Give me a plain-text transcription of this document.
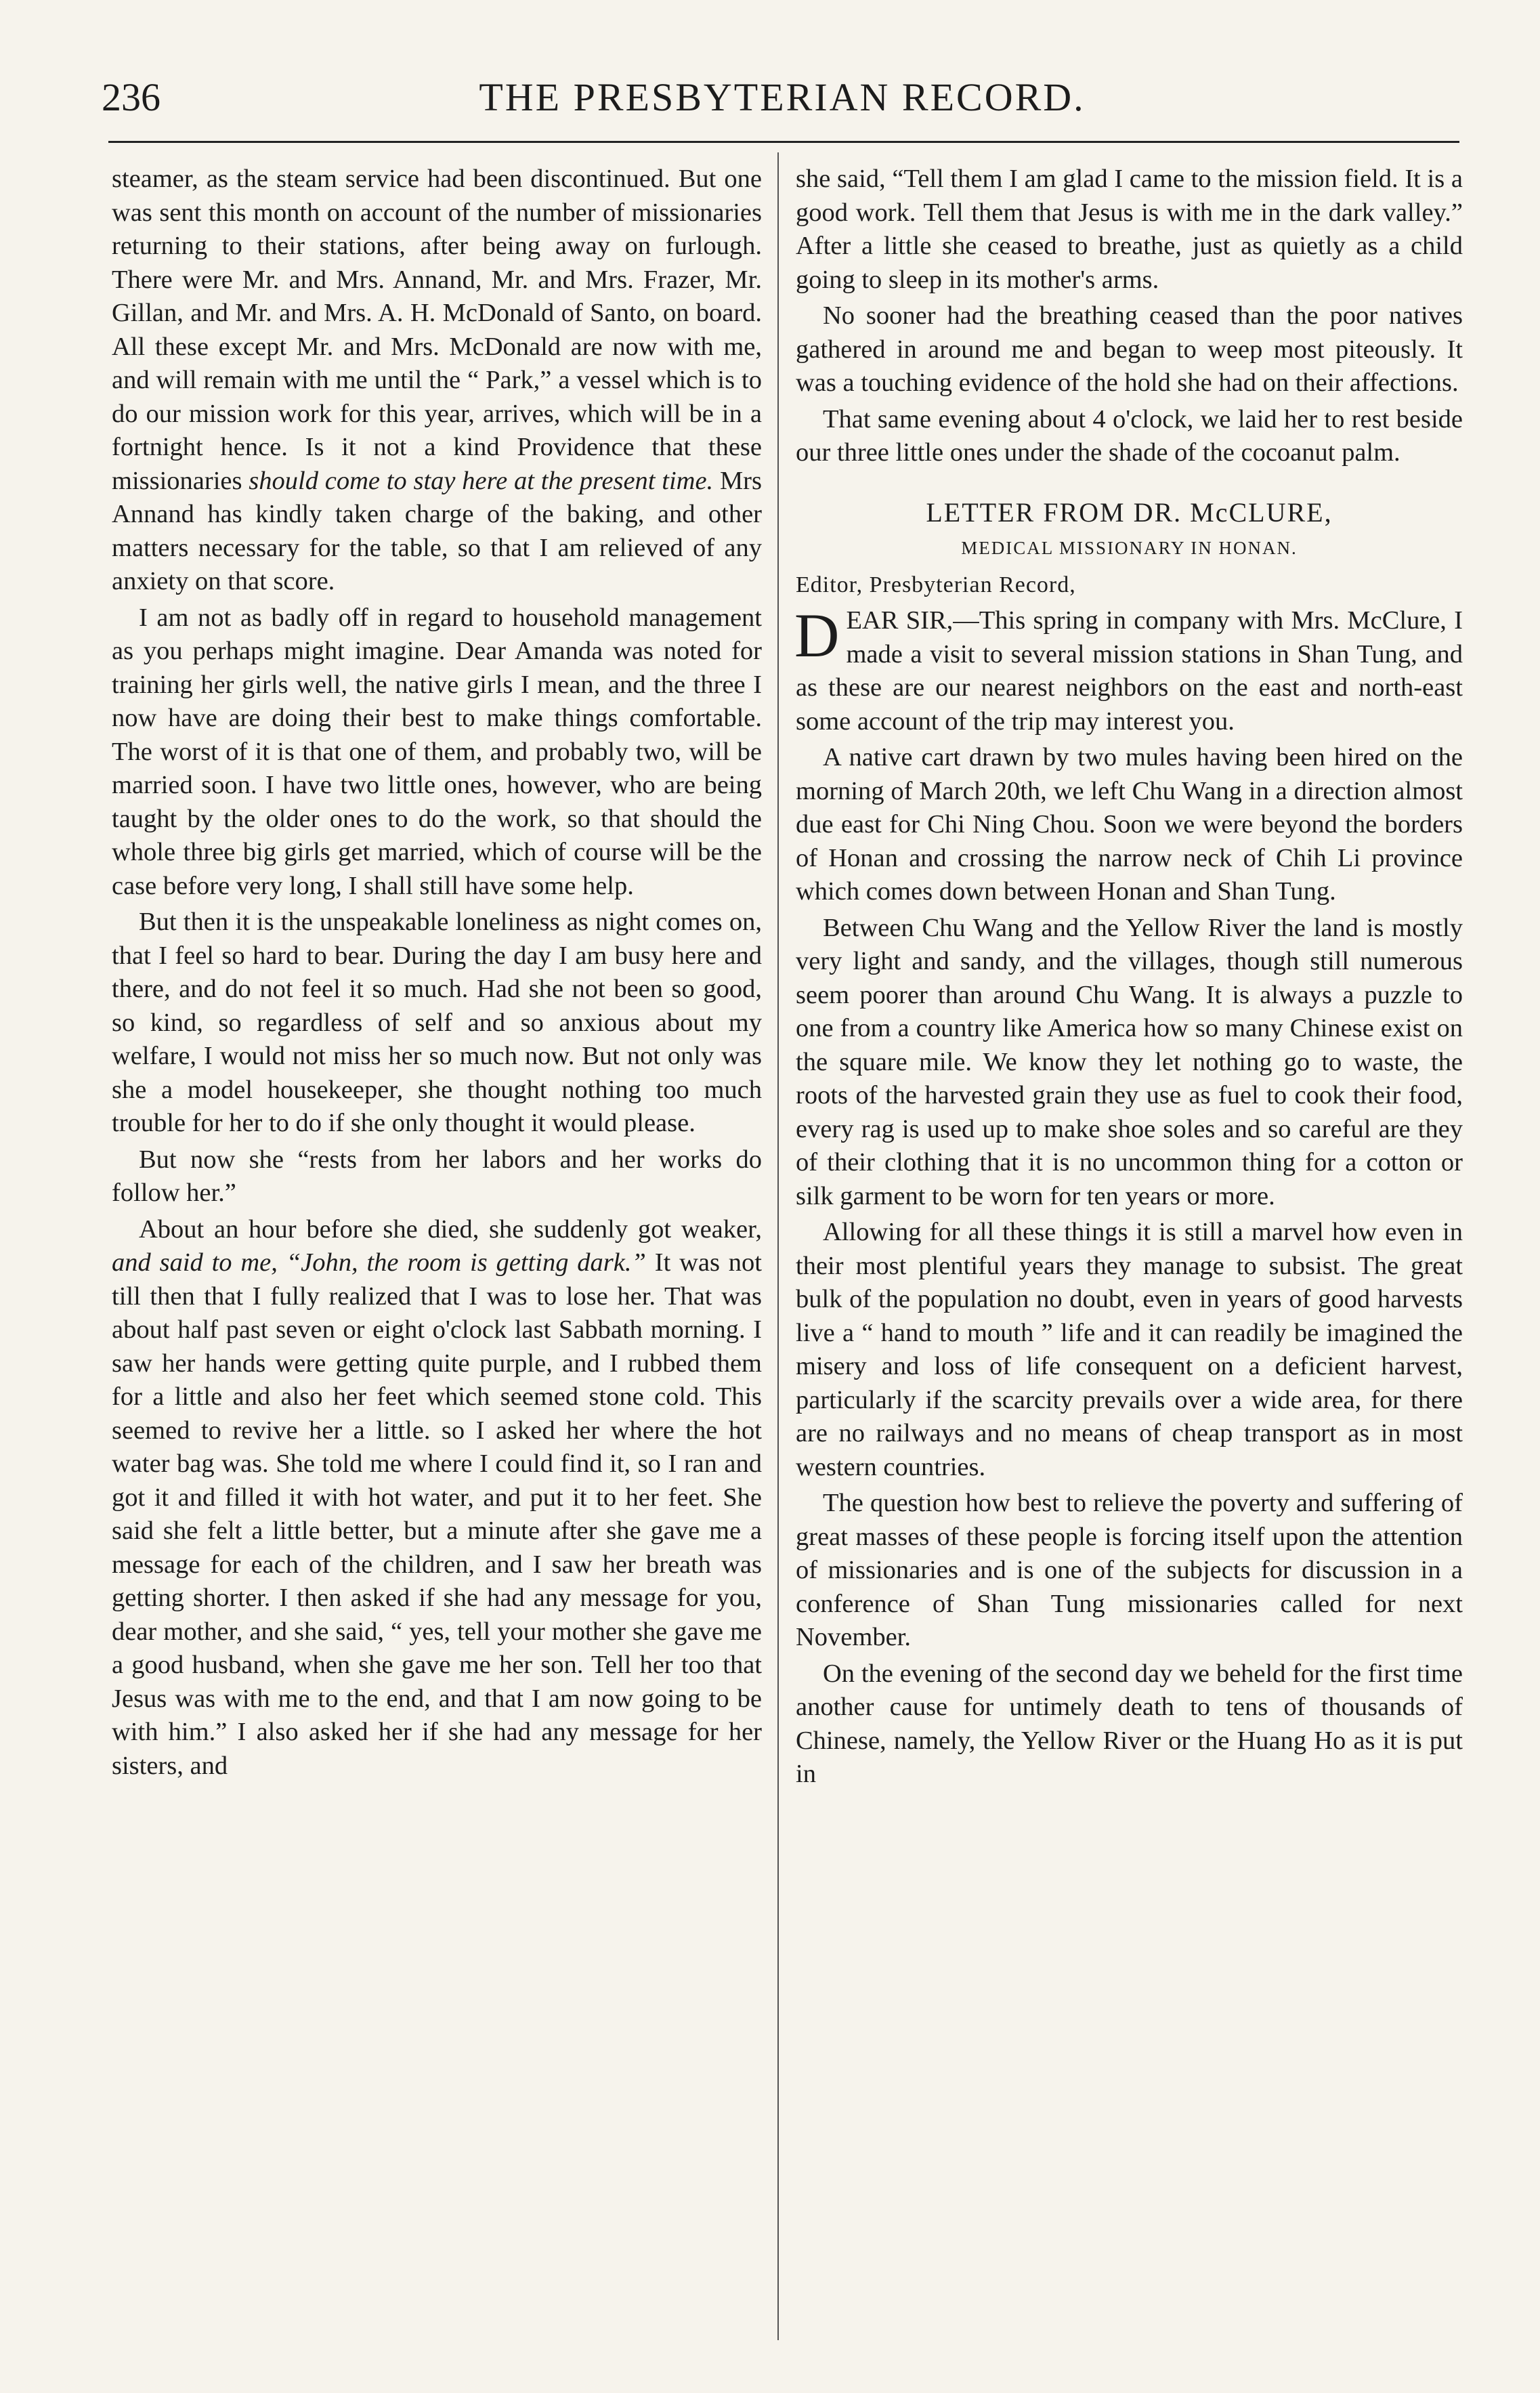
236	THE PRESBYTERIAN RECORD.

steamer, as the steam service had been discontinued. But one was sent this month on account of the number of missionaries returning to their stations, after being away on furlough. There were Mr. and Mrs. Annand, Mr. and Mrs. Frazer, Mr. Gillan, and Mr. and Mrs. A. H. McDonald of Santo, on board. All these except Mr. and Mrs. McDonald are now with me, and will remain with me until the “ Park,” a vessel which is to do our mission work for this year, arrives, which will be in a fortnight hence. Is it not a kind Providence that these missionaries should come to stay here at the present time. Mrs Annand has kindly taken charge of the baking, and other matters necessary for the table, so that I am relieved of any anxiety on that score.

I am not as badly off in regard to household management as you perhaps might imagine. Dear Amanda was noted for training her girls well, the native girls I mean, and the three I now have are doing their best to make things comfortable. The worst of it is that one of them, and probably two, will be married soon. I have two little ones, however, who are being taught by the older ones to do the work, so that should the whole three big girls get married, which of course will be the case before very long, I shall still have some help.

But then it is the unspeakable loneliness as night comes on, that I feel so hard to bear. During the day I am busy here and there, and do not feel it so much. Had she not been so good, so kind, so regardless of self and so anxious about my welfare, I would not miss her so much now. But not only was she a model housekeeper, she thought nothing too much trouble for her to do if she only thought it would please.

But now she “rests from her labors and her works do follow her.”

About an hour before she died, she suddenly got weaker, and said to me, “John, the room is getting dark.” It was not till then that I fully realized that I was to lose her. That was about half past seven or eight o'clock last Sabbath morning. I saw her hands were getting quite purple, and I rubbed them for a little and also her feet which seemed stone cold. This seemed to revive her a little. so I asked her where the hot water bag was. She told me where I could find it, so I ran and got it and filled it with hot water, and put it to her feet. She said she felt a little better, but a minute after she gave me a message for each of the children, and I saw her breath was getting shorter. I then asked if she had any message for you, dear mother, and she said, “ yes, tell your mother she gave me a good husband, when she gave me her son. Tell her too that Jesus was with me to the end, and that I am now going to be with him.” I also asked her if she had any message for her sisters, and

she said, “Tell them I am glad I came to the mission field. It is a good work. Tell them that Jesus is with me in the dark valley.” After a little she ceased to breathe, just as quietly as a child going to sleep in its mother's arms.

No sooner had the breathing ceased than the poor natives gathered in around me and began to weep most piteously. It was a touching evidence of the hold she had on their affections.

That same evening about 4 o'clock, we laid her to rest beside our three little ones under the shade of the cocoanut palm.

LETTER FROM DR. McCLURE,

MEDICAL MISSIONARY IN HONAN.

Editor, Presbyterian Record,

DEAR SIR,—This spring in company with Mrs. McClure, I made a visit to several mission stations in Shan Tung, and as these are our nearest neighbors on the east and north-east some account of the trip may interest you.

A native cart drawn by two mules having been hired on the morning of March 20th, we left Chu Wang in a direction almost due east for Chi Ning Chou. Soon we were beyond the borders of Honan and crossing the narrow neck of Chih Li province which comes down between Honan and Shan Tung.

Between Chu Wang and the Yellow River the land is mostly very light and sandy, and the villages, though still numerous seem poorer than around Chu Wang. It is always a puzzle to one from a country like America how so many Chinese exist on the square mile. We know they let nothing go to waste, the roots of the harvested grain they use as fuel to cook their food, every rag is used up to make shoe soles and so careful are they of their clothing that it is no uncommon thing for a cotton or silk garment to be worn for ten years or more.

Allowing for all these things it is still a marvel how even in their most plentiful years they manage to subsist. The great bulk of the population no doubt, even in years of good harvests live a “ hand to mouth ” life and it can readily be imagined the misery and loss of life consequent on a deficient harvest, particularly if the scarcity prevails over a wide area, for there are no railways and no means of cheap transport as in most western countries.

The question how best to relieve the poverty and suffering of great masses of these people is forcing itself upon the attention of missionaries and is one of the subjects for discussion in a conference of Shan Tung missionaries called for next November.

On the evening of the second day we beheld for the first time another cause for untimely death to tens of thousands of Chinese, namely, the Yellow River or the Huang Ho as it is put in
